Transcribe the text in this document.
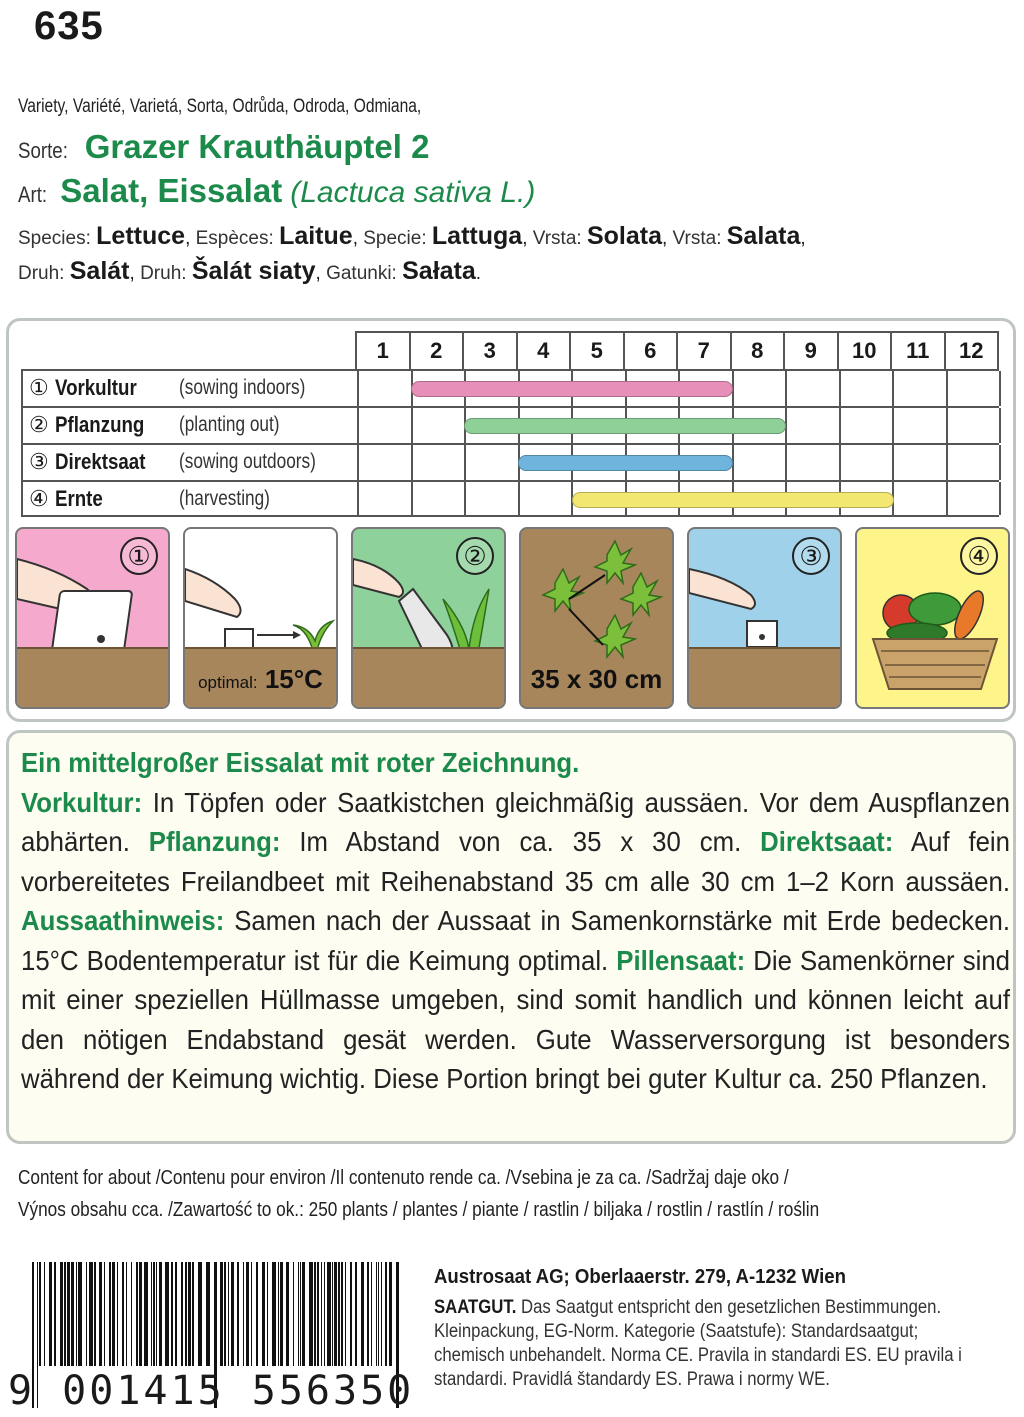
635
Variety, Variété, Varietá, Sorta, Odrůda, Odroda, Odmiana,
Sorte: Grazer Krauthäuptel 2
Art: Salat, Eissalat (Lactuca sativa L.)
Species: Lettuce, Espèces: Laitue, Specie: Lattuga, Vrsta: Solata, Vrsta: Salata,
Druh: Salát, Druh: Šalát siaty, Gatunki: Sałata.
1	2	3	4	5	6	7	8	9	10	11	12
① Vorkultur (sowing indoors)
② Pflanzung (planting out)
③ Direktsaat (sowing outdoors)
④ Ernte	(harvesting)
①
optimal: 15°C
②
35 x 30 cm
③	④

Ein mittelgroßer Eissalat mit roter Zeichnung.
Vorkultur: In Töpfen oder Saatkistchen gleichmäßig aussäen. Vor dem Auspflanzen abhärten. Pflanzung: Im Abstand von ca. 35 x 30 cm. Direktsaat: Auf fein vorbereitetes Freilandbeet mit Reihenabstand 35 cm alle 30 cm 1–2 Korn aussäen. Aussaathinweis: Samen nach der Aussaat in Samenkornstärke mit Erde bedecken. 15°C Bodentemperatur ist für die Keimung optimal. Pillensaat: Die Samenkörner sind mit einer speziellen Hüllmasse umgeben, sind somit handlich und können leicht auf den nötigen Endabstand gesät werden. Gute Wasserversorgung ist besonders während der Keimung wichtig. Diese Portion bringt bei guter Kultur ca. 250 Pflanzen.

Content for about /Contenu pour environ /Il contenuto rende ca. /Vsebina je za ca. /Sadržaj daje oko /
Výnos obsahu cca. /Zawartość to ok.: 250 plants / plantes / piante / rastlin / biljaka / rostlin / rastlín / roślin
9 001415 556350
Austrosaat AG; Oberlaaerstr. 279, A-1232 Wien
SAATGUT. Das Saatgut entspricht den gesetzlichen Bestimmungen. Kleinpackung, EG-Norm. Kategorie (Saatstufe): Standardsaatgut; chemisch unbehandelt. Norma CE. Pravila in standardi ES. EU pravila i standardi. Pravidlá štandardy ES. Prawa i normy WE.
